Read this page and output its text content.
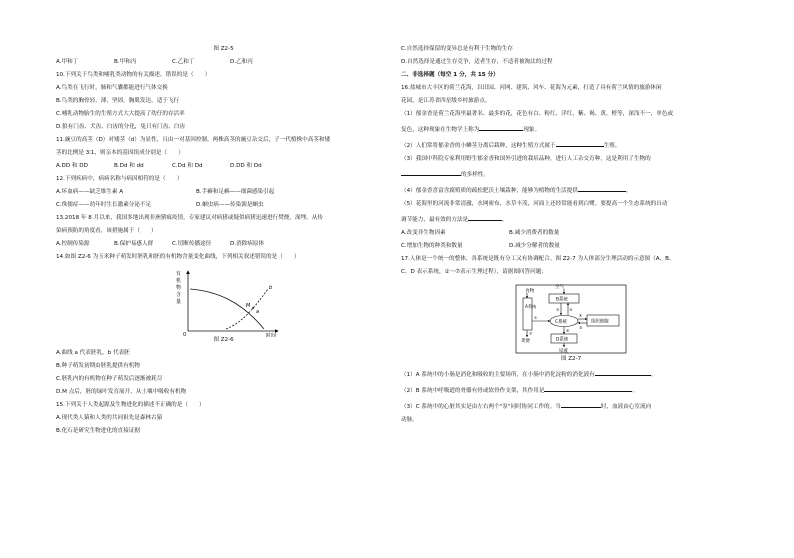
图 Z2-5
A.甲和丁	B.甲和丙	C.乙和丁	D.乙和丙
10.下列关于鸟类和哺乳类动物的有关描述，错误的是（　　）
A.鸟类在飞行时，肺和气囊都能进行气体交换
B.鸟类的胸骨轻、薄、坚固，胸肌发达，适于飞行
C.哺乳动物胎生的生殖方式大大提高了幼仔的存活率
D.狼有门齿、犬齿、臼齿的分化，兔只有门齿、臼齿
11.豌豆的高茎（D）对矮茎（d）为显性，且由一对基因控制。两株高茎的豌豆杂交后，子一代植株中高茎和矮
茎的比例是 3∶1，则亲本的基因组成分别是（　　）
A.DD 和 DD	B.Dd 和 dd	C.Dd 和 Dd	D.DD 和 Dd
12.下列疾病中，病病名称与病因相符的是（　　）
A.坏血病——缺乏维生素 A	B.手癣和足癣——细菌感染引起
C.侏儒症——幼年时生长激素分泌不足	D.蛔虫病——传染源是蛔虫
13.2018 年 8 月以来，我国多地出现非洲猪瘟疫情，专家建议对病猪或疑似病猪迅速进行焚烧、深埋。从传
染病预防的角度看，该措施属于（　　）
A.控制传染源	B.保护易感人群	C.切断传播途径	D.消除病原体
14.如图 Z2-6 为玉米种子萌发时胚乳和胚的有机物含量变化曲线，下列相关叙述错误的是（　　）
有
机
物
含
量
0	时间
a
b
M
图 Z2-6
A.曲线 a 代表胚乳，b 代表胚
B.种子萌发初期由胚乳提供有机物
C.胚乳内的有机物在种子萌发后逐渐被耗尽
D.M 点后，胚的绿叶发育展开，从土壤中吸收有机物
15.下列关于人类起源及生物进化的描述不正确的是（　　）
A.现代类人猿和人类的共同祖先是森林古猿
B.化石是研究生物进化的直接证据
C.自然选择保留的变异总是有利于生物的生存
D.自然选择是通过生存竞争，适者生存，不适者被淘汰的过程
二、非选择题（每空 1 分，共 15 分）
16.盐城市大丰区的荷兰花海，以田园、河网、建筑、风车、花海为元素，打造了具有荷兰风情的旅游休闲
花园，是江苏省四星级乡村旅游点。
（1）郁金香是荷兰花海里最著名、最多的花，花色有白、粉红、洋红、紫、褐、黄、橙等，深浅不一，单色或
复色，这种现象在生物学上称为	现象。
（2）人们常将郁金香的小鳞茎分离后栽种，这种生殖方式属于	生殖。
（3）我国中科院专家利用野生郁金香和国外引进的栽培品种，进行人工杂交育种，这是利用了生物的
的多样性。
（4）郁金香喜富含腐殖质的疏松肥沃土壤栽种，能够为植物的生活提供	。
（5）花海里的河流非常清澈，水网密布，水草丰茂，河面上还经常能看到白鹭。要提高一个生态系统的自动
调节能力，最有效的方法是	。
A.改变非生物因素	B.减少消费者的数量
C.增加生物的种类和数量	D.减少分解者的数量
17.人体是一个统一的整体，各系统是既有分工又有协调配合。图 Z2-7 为人体部分生理活动的示意图（A、B、
C、D 表示系统，①～⑦表示生理过程），请据图回答问题：
食物
空气
A系统
B系统
C系统	组织细胞
D系统
粪便
尿液
①
②	③
④
⑤
⑥
⑦
图 Z2-7
（1）A 系统中的小肠是消化和吸收的主要场所，在小肠中消化淀粉的消化液有	。
（2）B 系统中呼吸道的骨骼有骨或软骨作支架，其作用是	。
（3）C 系统中的心脏其实是由左右两个"泵"同时协同工作的。当	时，血液由心室流向
动脉。
